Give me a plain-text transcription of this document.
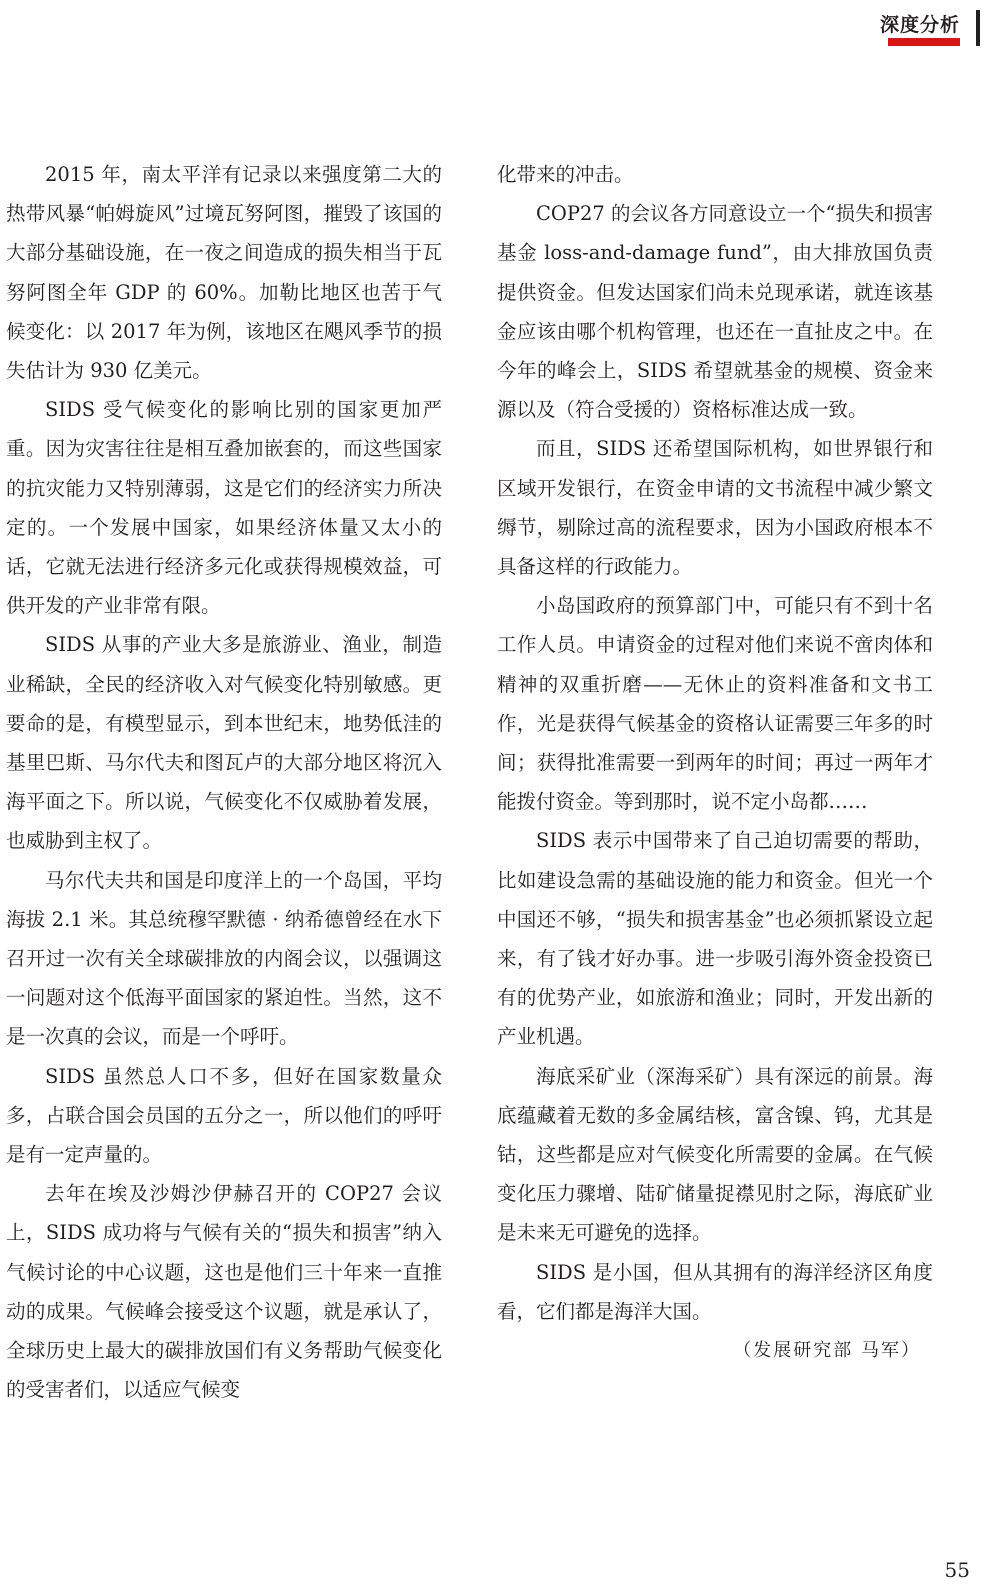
深度分析

2015 年，南太平洋有记录以来强度第二大的热带风暴“帕姆旋风”过境瓦努阿图，摧毁了该国的大部分基础设施，在一夜之间造成的损失相当于瓦努阿图全年 GDP 的 60%。加勒比地区也苦于气候变化：以 2017 年为例，该地区在飓风季节的损失估计为 930 亿美元。

SIDS 受气候变化的影响比别的国家更加严重。因为灾害往往是相互叠加嵌套的，而这些国家的抗灾能力又特别薄弱，这是它们的经济实力所决定的。一个发展中国家，如果经济体量又太小的话，它就无法进行经济多元化或获得规模效益，可供开发的产业非常有限。

SIDS 从事的产业大多是旅游业、渔业，制造业稀缺，全民的经济收入对气候变化特别敏感。更要命的是，有模型显示，到本世纪末，地势低洼的基里巴斯、马尔代夫和图瓦卢的大部分地区将沉入海平面之下。所以说，气候变化不仅威胁着发展，也威胁到主权了。

马尔代夫共和国是印度洋上的一个岛国，平均海拔 2.1 米。其总统穆罕默德 · 纳希德曾经在水下召开过一次有关全球碳排放的内阁会议，以强调这一问题对这个低海平面国家的紧迫性。当然，这不是一次真的会议，而是一个呼吁。

SIDS 虽然总人口不多，但好在国家数量众多，占联合国会员国的五分之一，所以他们的呼吁是有一定声量的。

去年在埃及沙姆沙伊赫召开的 COP27 会议上，SIDS 成功将与气候有关的“损失和损害”纳入气候讨论的中心议题，这也是他们三十年来一直推动的成果。气候峰会接受这个议题，就是承认了，全球历史上最大的碳排放国们有义务帮助气候变化的受害者们，以适应气候变

化带来的冲击。

COP27 的会议各方同意设立一个“损失和损害基金 loss-and-damage fund”，由大排放国负责提供资金。但发达国家们尚未兑现承诺，就连该基金应该由哪个机构管理，也还在一直扯皮之中。在今年的峰会上，SIDS 希望就基金的规模、资金来源以及（符合受援的）资格标准达成一致。

而且，SIDS 还希望国际机构，如世界银行和区域开发银行，在资金申请的文书流程中减少繁文缛节，剔除过高的流程要求，因为小国政府根本不具备这样的行政能力。

小岛国政府的预算部门中，可能只有不到十名工作人员。申请资金的过程对他们来说不啻肉体和精神的双重折磨——无休止的资料准备和文书工作，光是获得气候基金的资格认证需要三年多的时间；获得批准需要一到两年的时间；再过一两年才能拨付资金。等到那时，说不定小岛都……

SIDS 表示中国带来了自己迫切需要的帮助，比如建设急需的基础设施的能力和资金。但光一个中国还不够，“损失和损害基金”也必须抓紧设立起来，有了钱才好办事。进一步吸引海外资金投资已有的优势产业，如旅游和渔业；同时，开发出新的产业机遇。

海底采矿业（深海采矿）具有深远的前景。海底蕴藏着无数的多金属结核，富含镍、钨，尤其是钴，这些都是应对气候变化所需要的金属。在气候变化压力骤增、陆矿储量捉襟见肘之际，海底矿业是未来无可避免的选择。

SIDS 是小国，但从其拥有的海洋经济区角度看，它们都是海洋大国。

（发展研究部 马军）
55
